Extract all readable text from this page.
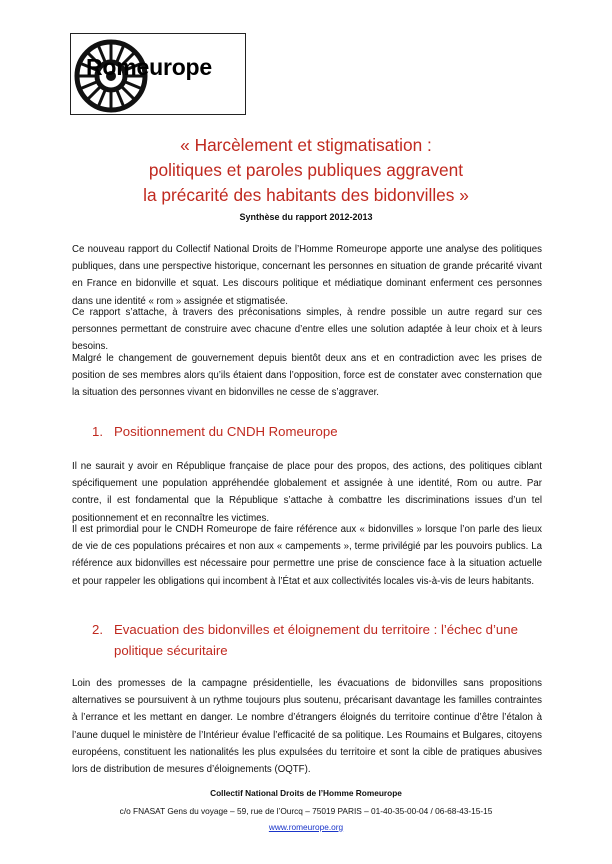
Romeurope
« Harcèlement et stigmatisation :
politiques et paroles publiques aggravent
la précarité des habitants des bidonvilles »
Synthèse du rapport 2012-2013

Ce nouveau rapport du Collectif National Droits de l’Homme Romeurope apporte une analyse des politiques publiques, dans une perspective historique, concernant les personnes en situation de grande précarité vivant en France en bidonville et squat. Les discours politique et médiatique dominant enferment ces personnes dans une identité « rom » assignée et stigmatisée.

Ce rapport s’attache, à travers des préconisations simples, à rendre possible un autre regard sur ces personnes permettant de construire avec chacune d’entre elles une solution adaptée à leur choix et à leurs besoins.

Malgré le changement de gouvernement depuis bientôt deux ans et en contradiction avec les prises de position de ses membres alors qu’ils étaient dans l’opposition, force est de constater avec consternation que la situation des personnes vivant en bidonvilles ne cesse de s’aggraver.

1. Positionnement du CNDH Romeurope

Il ne saurait y avoir en République française de place pour des propos, des actions, des politiques ciblant spécifiquement une population appréhendée globalement et assignée à une identité, Rom ou autre. Par contre, il est fondamental que la République s’attache à combattre les discriminations issues d’un tel positionnement et en reconnaître les victimes.

Il est primordial pour le CNDH Romeurope de faire référence aux « bidonvilles » lorsque l’on parle des lieux de vie de ces populations précaires et non aux « campements », terme privilégié par les pouvoirs publics. La référence aux bidonvilles est nécessaire pour permettre une prise de conscience face à la situation actuelle et pour rappeler les obligations qui incombent à l’État et aux collectivités locales vis-à-vis de leurs habitants.

2. Evacuation des bidonvilles et éloignement du territoire : l’échec d’une
politique sécuritaire

Loin des promesses de la campagne présidentielle, les évacuations de bidonvilles sans propositions alternatives se poursuivent à un rythme toujours plus soutenu, précarisant davantage les familles contraintes à l’errance et les mettant en danger. Le nombre d’étrangers éloignés du territoire continue d’être l’étalon à l’aune duquel le ministère de l’Intérieur évalue l’efficacité de sa politique. Les Roumains et Bulgares, citoyens européens, constituent les nationalités les plus expulsées du territoire et sont la cible de pratiques abusives lors de distribution de mesures d’éloignements (OQTF).

Collectif National Droits de l’Homme Romeurope
c/o FNASAT Gens du voyage – 59, rue de l’Ourcq – 75019 PARIS – 01-40-35-00-04 / 06-68-43-15-15
www.romeurope.org
